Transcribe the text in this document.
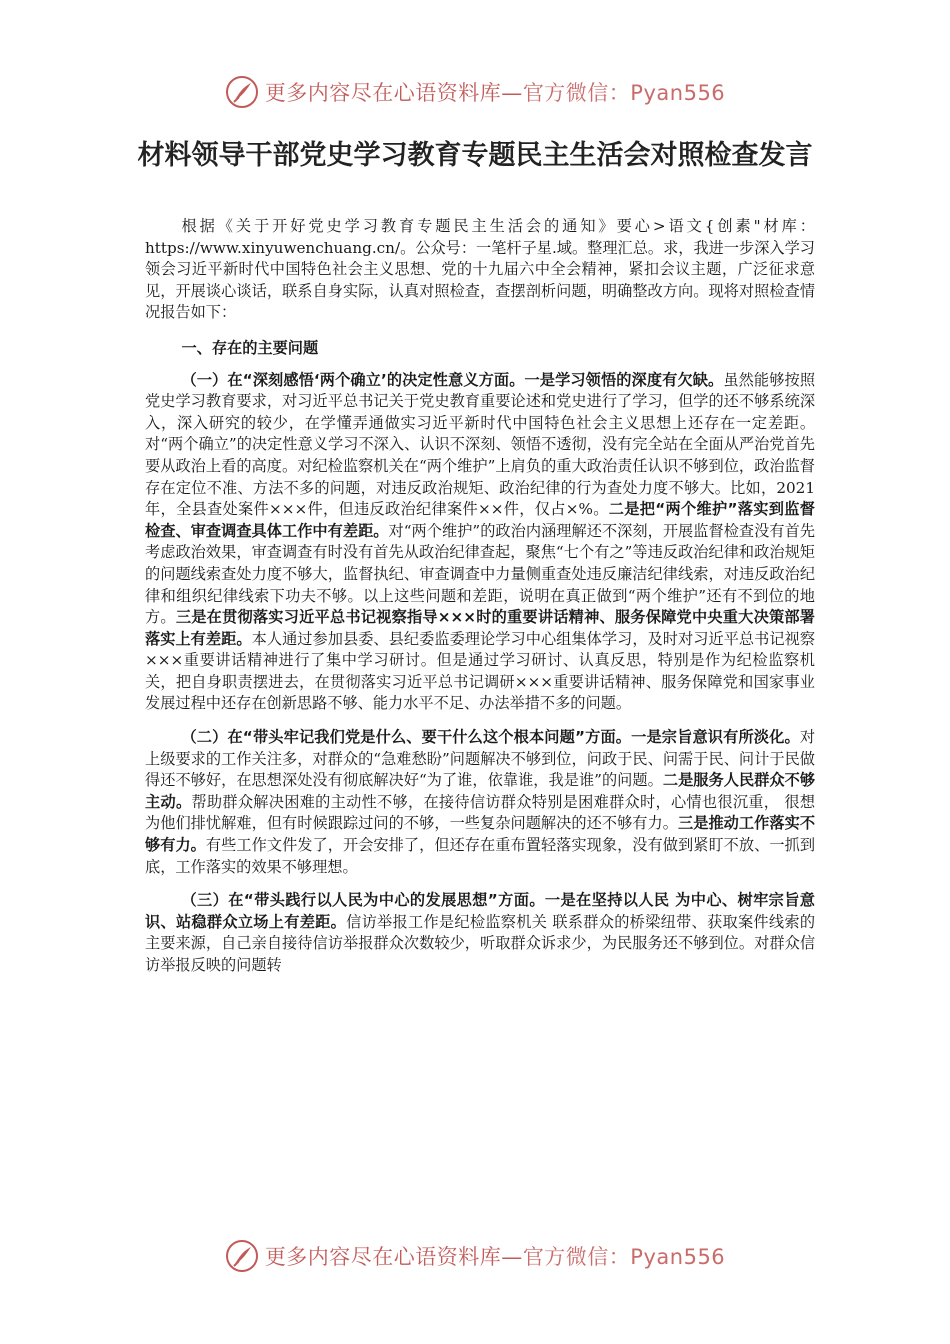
更多内容尽在心语资料库—官方微信：Pyan556
材料领导干部党史学习教育专题民主生活会对照检查发言

根据《关于开好党史学习教育专题民主生活会的通知》要心>语文{创素"材库：https://www.xinyuwenchuang.cn/。公众号：一笔杆子星.域。整理汇总。求，我进一步深入学习领会习近平新时代中国特色社会主义思想、党的十九届六中全会精神，紧扣会议主题，广泛征求意见，开展谈心谈话，联系自身实际，认真对照检查，查摆剖析问题，明确整改方向。现将对照检查情况报告如下：

一、存在的主要问题

（一）在“深刻感悟‘两个确立’的决定性意义方面。一是学习领悟的深度有欠缺。虽然能够按照党史学习教育要求，对习近平总书记关于党史教育重要论述和党史进行了学习，但学的还不够系统深入，深入研究的较少，在学懂弄通做实习近平新时代中国特色社会主义思想上还存在一定差距。对“两个确立”的决定性意义学习不深入、认识不深刻、领悟不透彻，没有完全站在全面从严治党首先要从政治上看的高度。对纪检监察机关在“两个维护”上肩负的重大政治责任认识不够到位，政治监督存在定位不准、方法不多的问题，对违反政治规矩、政治纪律的行为查处力度不够大。比如，2021 年，全县查处案件×××件，但违反政治纪律案件××件，仅占×%。二是把“两个维护”落实到监督检查、审查调查具体工作中有差距。对“两个维护”的政治内涵理解还不深刻，开展监督检查没有首先考虑政治效果，审查调查有时没有首先从政治纪律查起，聚焦“七个有之”等违反政治纪律和政治规矩的问题线索查处力度不够大，监督执纪、审查调查中力量侧重查处违反廉洁纪律线索，对违反政治纪律和组织纪律线索下功夫不够。以上这些问题和差距，说明在真正做到“两个维护”还有不到位的地方。三是在贯彻落实习近平总书记视察指导×××时的重要讲话精神、服务保障党中央重大决策部署落实上有差距。本人通过参加县委、县纪委监委理论学习中心组集体学习，及时对习近平总书记视察×××重要讲话精神进行了集中学习研讨。但是通过学习研讨、认真反思，特别是作为纪检监察机关，把自身职责摆进去，在贯彻落实习近平总书记调研×××重要讲话精神、服务保障党和国家事业发展过程中还存在创新思路不够、能力水平不足、办法举措不多的问题。

（二）在“带头牢记我们党是什么、要干什么这个根本问题”方面。一是宗旨意识有所淡化。对上级要求的工作关注多，对群众的“急难愁盼”问题解决不够到位，问政于民、问需于民、问计于民做得还不够好，在思想深处没有彻底解决好“为了谁，依靠谁，我是谁”的问题。二是服务人民群众不够主动。帮助群众解决困难的主动性不够，在接待信访群众特别是困难群众时，心情也很沉重， 很想为他们排忧解难，但有时候跟踪过问的不够，一些复杂问题解决的还不够有力。三是推动工作落实不够有力。有些工作文件发了，开会安排了，但还存在重布置轻落实现象，没有做到紧盯不放、一抓到底，工作落实的效果不够理想。

（三）在“带头践行以人民为中心的发展思想”方面。一是在坚持以人民 为中心、树牢宗旨意识、站稳群众立场上有差距。信访举报工作是纪检监察机关 联系群众的桥梁纽带、获取案件线索的主要来源，自己亲自接待信访举报群众次数较少，听取群众诉求少，为民服务还不够到位。对群众信访举报反映的问题转

更多内容尽在心语资料库—官方微信：Pyan556
